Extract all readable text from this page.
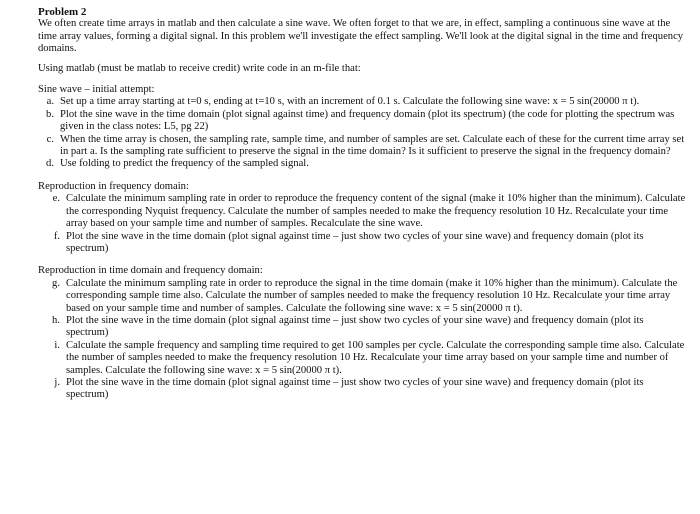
Problem 2

We often create time arrays in matlab and then calculate a sine wave. We often forget to that we are, in effect, sampling a continuous sine wave at the time array values, forming a digital signal. In this problem we'll investigate the effect sampling. We'll look at the digital signal in the time and frequency domains.

Using matlab (must be matlab to receive credit) write code in an m-file that:

Sine wave – initial attempt:

a. Set up a time array starting at t=0 s, ending at t=10 s, with an increment of 0.1 s. Calculate the following sine wave: x = 5 sin(20000 π t).
b. Plot the sine wave in the time domain (plot signal against time) and frequency domain (plot its spectrum) (the code for plotting the spectrum was given in the class notes: L5, pg 22)
c. When the time array is chosen, the sampling rate, sample time, and number of samples are set. Calculate each of these for the current time array set in part a. Is the sampling rate sufficient to preserve the signal in the time domain? Is it sufficient to preserve the signal in the frequency domain?
d. Use folding to predict the frequency of the sampled signal.

Reproduction in frequency domain:

e. Calculate the minimum sampling rate in order to reproduce the frequency content of the signal (make it 10% higher than the minimum). Calculate the corresponding Nyquist frequency. Calculate the number of samples needed to make the frequency resolution 10 Hz. Recalculate your time array based on your sample time and number of samples. Recalculate the sine wave.
f. Plot the sine wave in the time domain (plot signal against time – just show two cycles of your sine wave) and frequency domain (plot its spectrum)

Reproduction in time domain and frequency domain:

g. Calculate the minimum sampling rate in order to reproduce the signal in the time domain (make it 10% higher than the minimum). Calculate the corresponding sample time also. Calculate the number of samples needed to make the frequency resolution 10 Hz. Recalculate your time array based on your sample time and number of samples. Calculate the following sine wave: x = 5 sin(20000 π t).
h. Plot the sine wave in the time domain (plot signal against time – just show two cycles of your sine wave) and frequency domain (plot its spectrum)
i. Calculate the sample frequency and sampling time required to get 100 samples per cycle. Calculate the corresponding sample time also. Calculate the number of samples needed to make the frequency resolution 10 Hz. Recalculate your time array based on your sample time and number of samples. Calculate the following sine wave: x = 5 sin(20000 π t).
j. Plot the sine wave in the time domain (plot signal against time – just show two cycles of your sine wave) and frequency domain (plot its spectrum)
